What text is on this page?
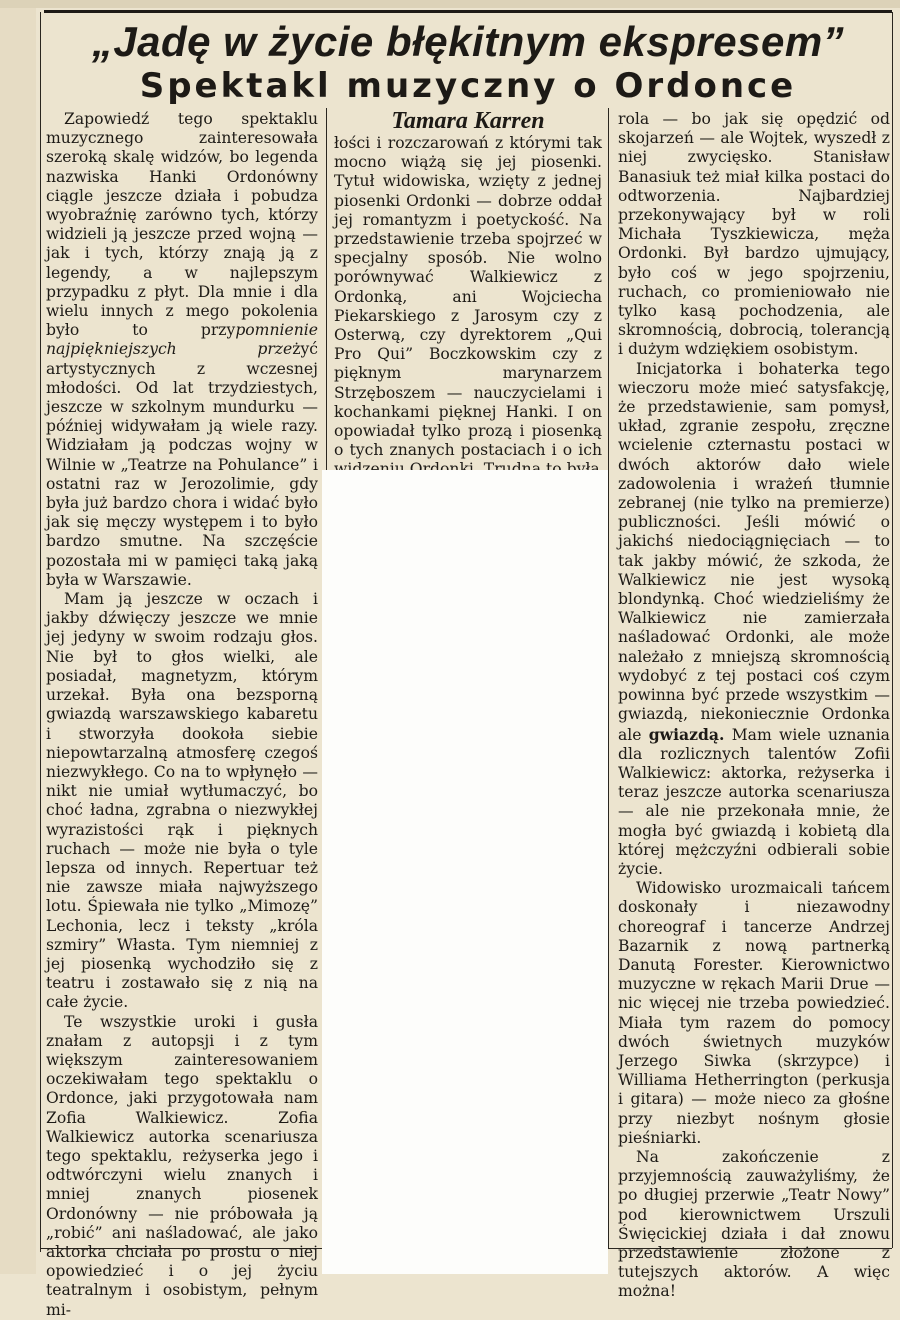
„Jadę w życie błękitnym ekspresem”
Spektakl muzyczny o Ordonce
Tamara Karren

Zapowiedź tego spektaklu muzycznego zainteresowała szeroką skalę widzów, bo legenda nazwiska Hanki Ordonówny ciągle jeszcze działa i pobudza wyobraźnię zarówno tych, którzy widzieli ją jeszcze przed wojną — jak i tych, którzy znają ją z legendy, a w najlepszym przypadku z płyt. Dla mnie i dla wielu innych z mego pokolenia było to przypomnienie najpiękniejszych przeżyć artystycznych z wczesnej młodości. Od lat trzydziestych, jeszcze w szkolnym mundurku — później widywałam ją wiele razy. Widziałam ją podczas wojny w Wilnie w „Teatrze na Pohulance” i ostatni raz w Jerozolimie, gdy była już bardzo chora i widać było jak się męczy występem i to było bardzo smutne. Na szczęście pozostała mi w pamięci taką jaką była w Warszawie.

Mam ją jeszcze w oczach i jakby dźwięczy jeszcze we mnie jej jedyny w swoim rodzaju głos. Nie był to głos wielki, ale posiadał, magnetyzm, którym urzekał. Była ona bezsporną gwiazdą warszawskiego kabaretu i stworzyła dookoła siebie niepowtarzalną atmosferę czegoś niezwykłego. Co na to wpłynęło — nikt nie umiał wytłumaczyć, bo choć ładna, zgrabna o niezwykłej wyrazistości rąk i pięknych ruchach — może nie była o tyle lepsza od innych. Repertuar też nie zawsze miała najwyższego lotu. Śpiewała nie tylko „Mimozę” Lechonia, lecz i teksty „króla szmiry” Własta. Tym niemniej z jej piosenką wychodziło się z teatru i zostawało się z nią na całe życie.

Te wszystkie uroki i gusła znałam z autopsji i z tym większym zainteresowaniem oczekiwałam tego spektaklu o Ordonce, jaki przygotowała nam Zofia Walkiewicz. Zofia Walkiewicz autorka scenariusza tego spektaklu, reżyserka jego i odtwórczyni wielu znanych i mniej znanych piosenek Ordonówny — nie próbowała ją „robić” ani naśladować, ale jako aktorka chciała po prostu o niej opowiedzieć i o jej życiu teatralnym i osobistym, pełnym mi-

łości i rozczarowań z którymi tak mocno wiążą się jej piosenki. Tytuł widowiska, wzięty z jednej piosenki Ordonki — dobrze oddał jej romantyzm i poetyckość. Na przedstawienie trzeba spojrzeć w specjalny sposób. Nie wolno porównywać Walkiewicz z Ordonką, ani Wojciecha Piekarskiego z Jarosym czy z Osterwą, czy dyrektorem „Qui Pro Qui” Boczkowskim czy z pięknym marynarzem Strzęboszem — nauczycielami i kochankami pięknej Hanki. I on opowiadał tylko prozą i piosenką o tych znanych postaciach i o ich

rola — bo jak się opędzić od skojarzeń — ale Wojtek, wyszedł z niej zwycięsko. Stanisław Banasiuk też miał kilka postaci do odtworzenia. Najbardziej przekonywający był w roli Michała Tyszkiewicza, męża Ordonki. Był bardzo ujmujący, było coś w jego spojrzeniu, ruchach, co promieniowało nie tylko kasą pochodzenia, ale skromnością, dobrocią, tolerancją i dużym wdziękiem osobistym.

Inicjatorka i bohaterka tego wieczoru może mieć satysfakcję, że przedstawienie, sam pomysł, układ, zgranie zespołu, zręczne wcielenie czternastu postaci w dwóch aktorów dało wiele zadowolenia i wrażeń tłumnie zebranej (nie tylko na premierze) publiczności. Jeśli mówić o jakichś niedociągnięciach — to tak jakby mówić, że szkoda, że Walkiewicz nie jest wysoką blondynką. Choć wiedzieliśmy że Walkiewicz nie zamierzała naśladować Ordonki, ale może należało z mniejszą skromnością wydobyć z tej postaci coś czym powinna być przede wszystkim — gwiazdą, niekoniecznie Ordonka ale gwiazdą. Mam wiele uznania dla rozlicznych talentów Zofii Walkiewicz: aktorka, reżyserka i teraz jeszcze autorka scenariusza — ale nie przekonała mnie, że mogła być gwiazdą i kobietą dla której mężczyźni odbierali sobie życie.

Widowisko urozmaicali tańcem doskonały i niezawodny choreograf i tancerze Andrzej Bazarnik z nową partnerką Danutą Forester. Kierownictwo muzyczne w rękach Marii Drue — nic więcej nie trzeba powiedzieć. Miała tym razem do pomocy dwóch świetnych muzyków Jerzego Siwka (skrzypce) i Williama Hetherrington (perkusja i gitara) — może nieco za głośne przy niezbyt nośnym głosie pieśniarki.

Na zakończenie z przyjemnością zauważyliśmy, że po długiej przerwie „Teatr Nowy” pod kierownictwem Urszuli Święcickiej działa i dał znowu przedstawienie złożone z tutejszych aktorów. A więc można!
